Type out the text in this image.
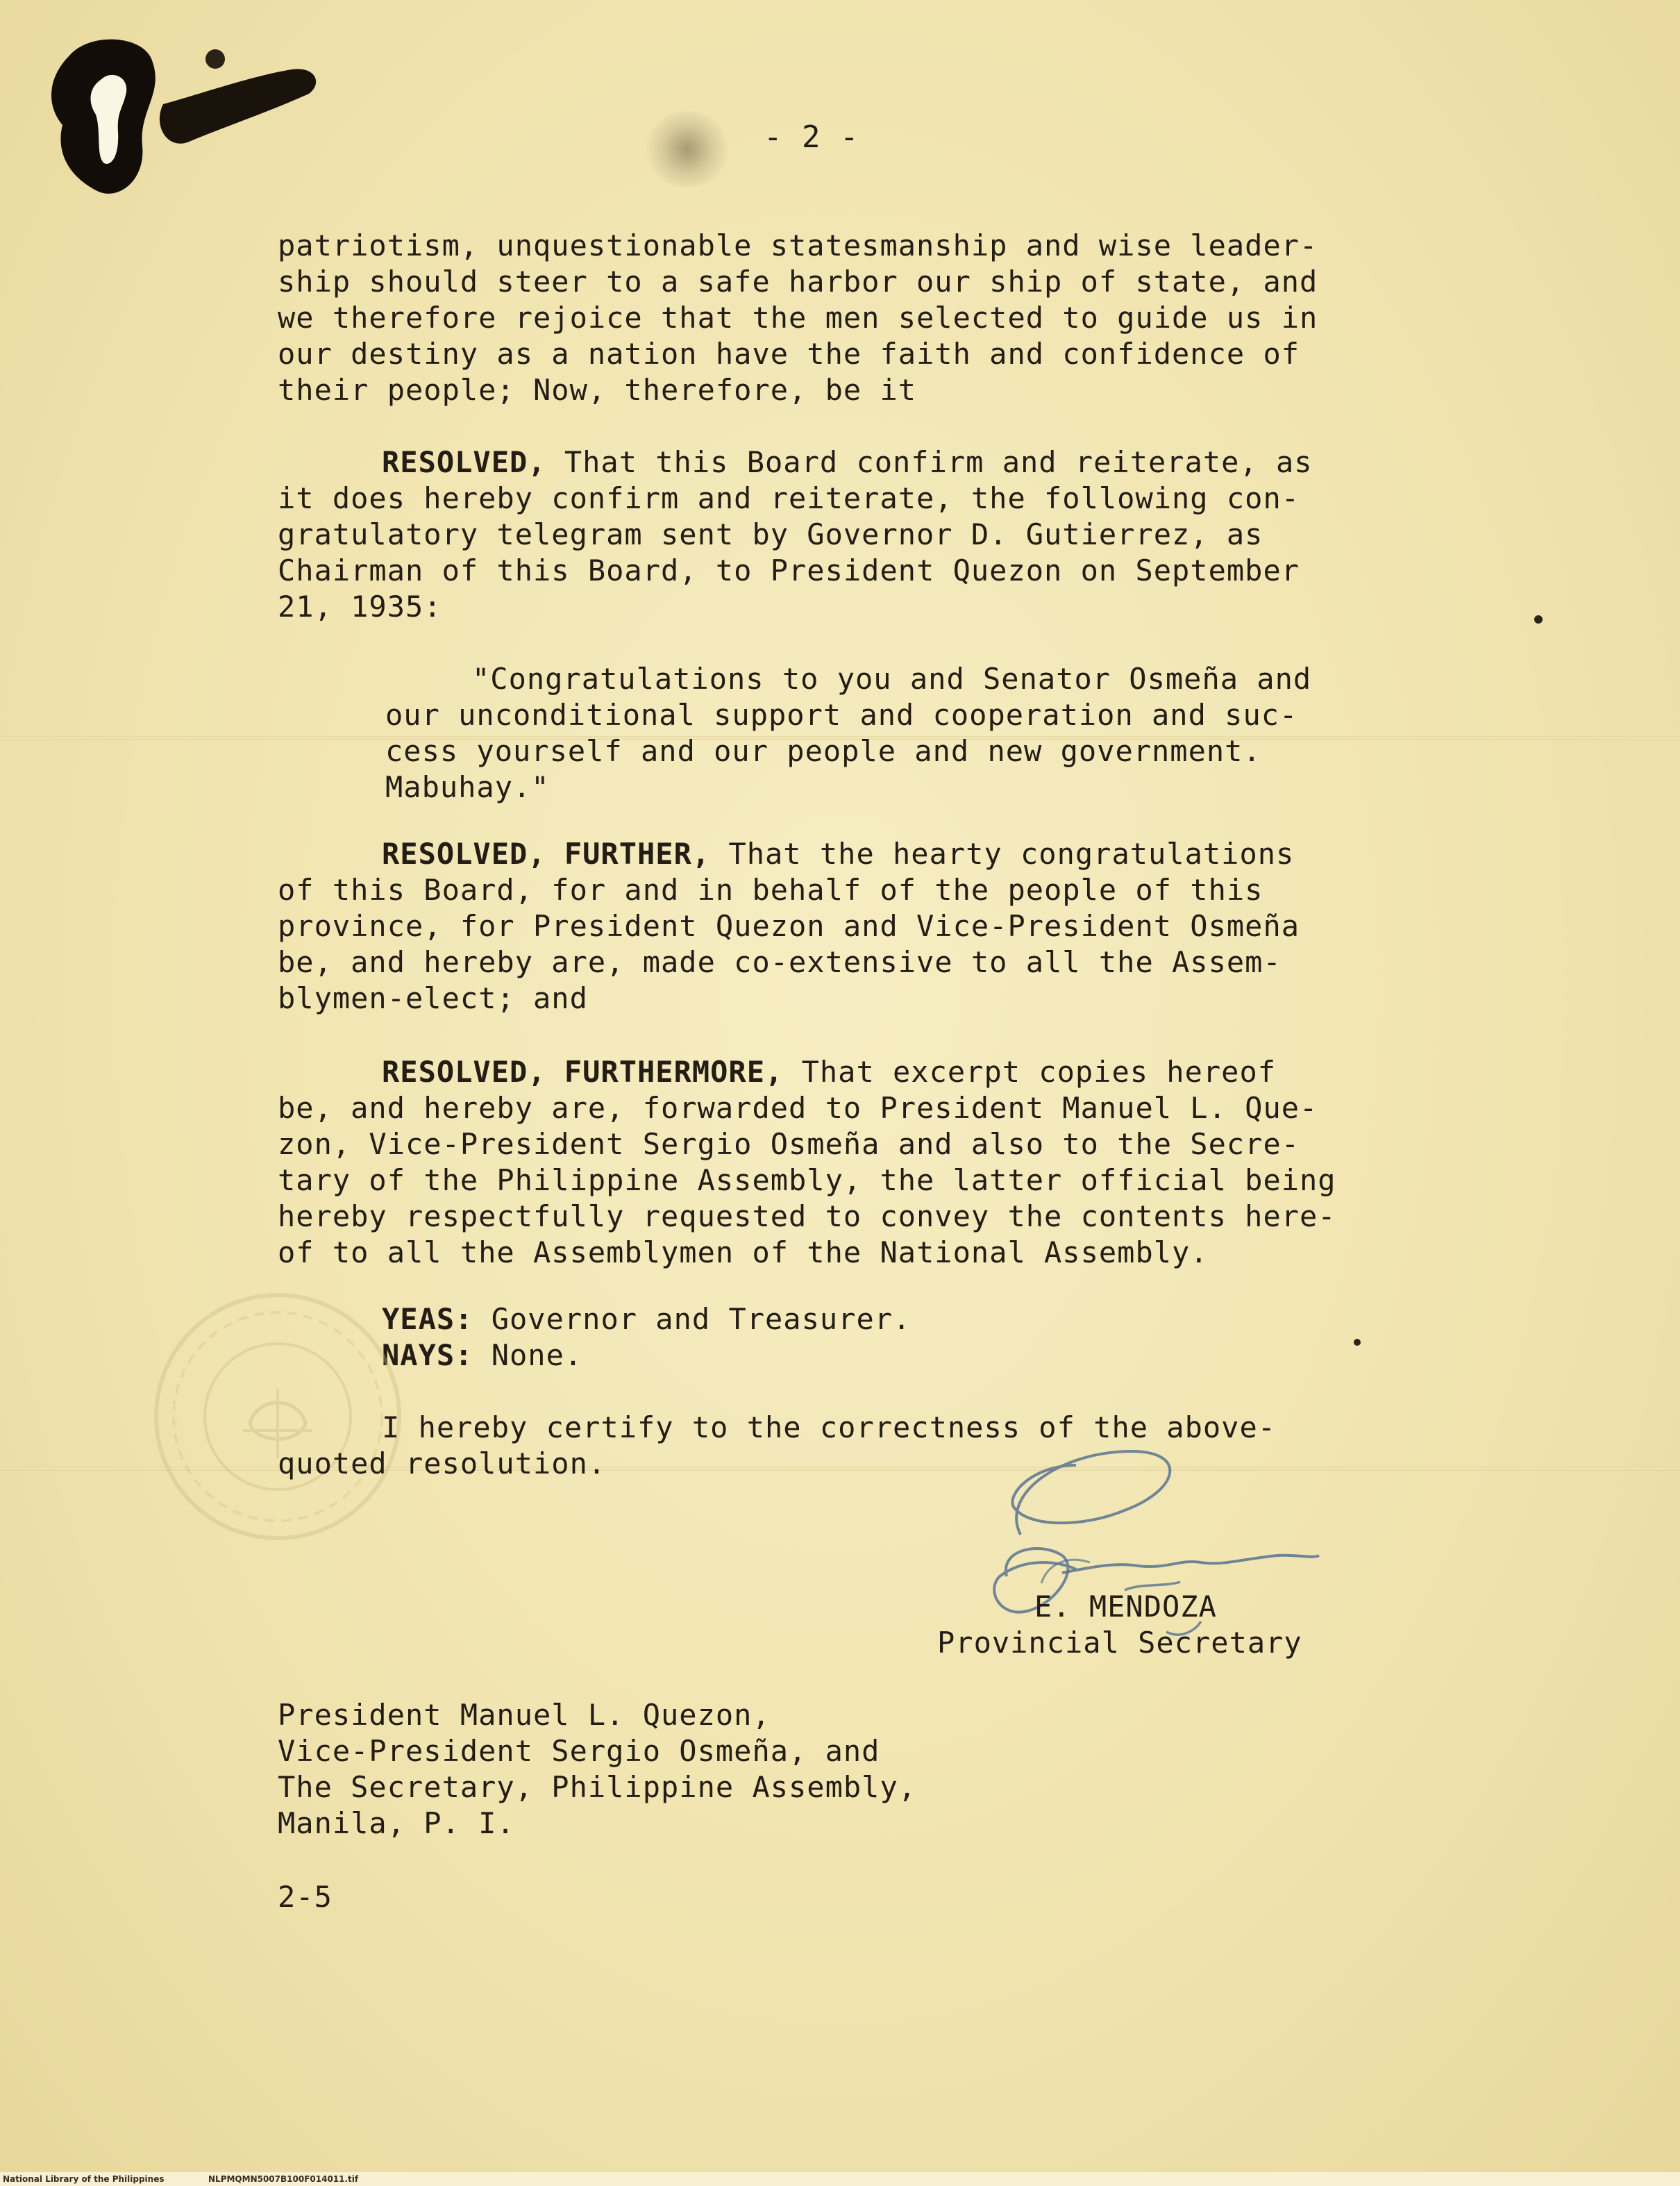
- 2 -
patriotism, unquestionable statesmanship and wise leader-
ship should steer to a safe harbor our ship of state, and
we therefore rejoice that the men selected to guide us in
our destiny as a nation have the faith and confidence of
their people; Now, therefore, be it
RESOLVED, That this Board confirm and reiterate, as
it does hereby confirm and reiterate, the following con-
gratulatory telegram sent by Governor D. Gutierrez, as
Chairman of this Board, to President Quezon on September
21, 1935:
"Congratulations to you and Senator Osmeña and
our unconditional support and cooperation and suc-
cess yourself and our people and new government.
Mabuhay."
RESOLVED, FURTHER, That the hearty congratulations
of this Board, for and in behalf of the people of this
province, for President Quezon and Vice-President Osmeña
be, and hereby are, made co-extensive to all the Assem-
blymen-elect; and
RESOLVED, FURTHERMORE, That excerpt copies hereof
be, and hereby are, forwarded to President Manuel L. Que-
zon, Vice-President Sergio Osmeña and also to the Secre-
tary of the Philippine Assembly, the latter official being
hereby respectfully requested to convey the contents here-
of to all the Assemblymen of the National Assembly.
YEAS: Governor and Treasurer.
NAYS: None.
I hereby certify to the correctness of the above-
quoted resolution.
E. MENDOZA
Provincial Secretary
President Manuel L. Quezon,
Vice-President Sergio Osmeña, and
The Secretary, Philippine Assembly,
Manila, P. I.
2-5
National Library of the Philippines	NLPMQMN5007B100F014011.tif
